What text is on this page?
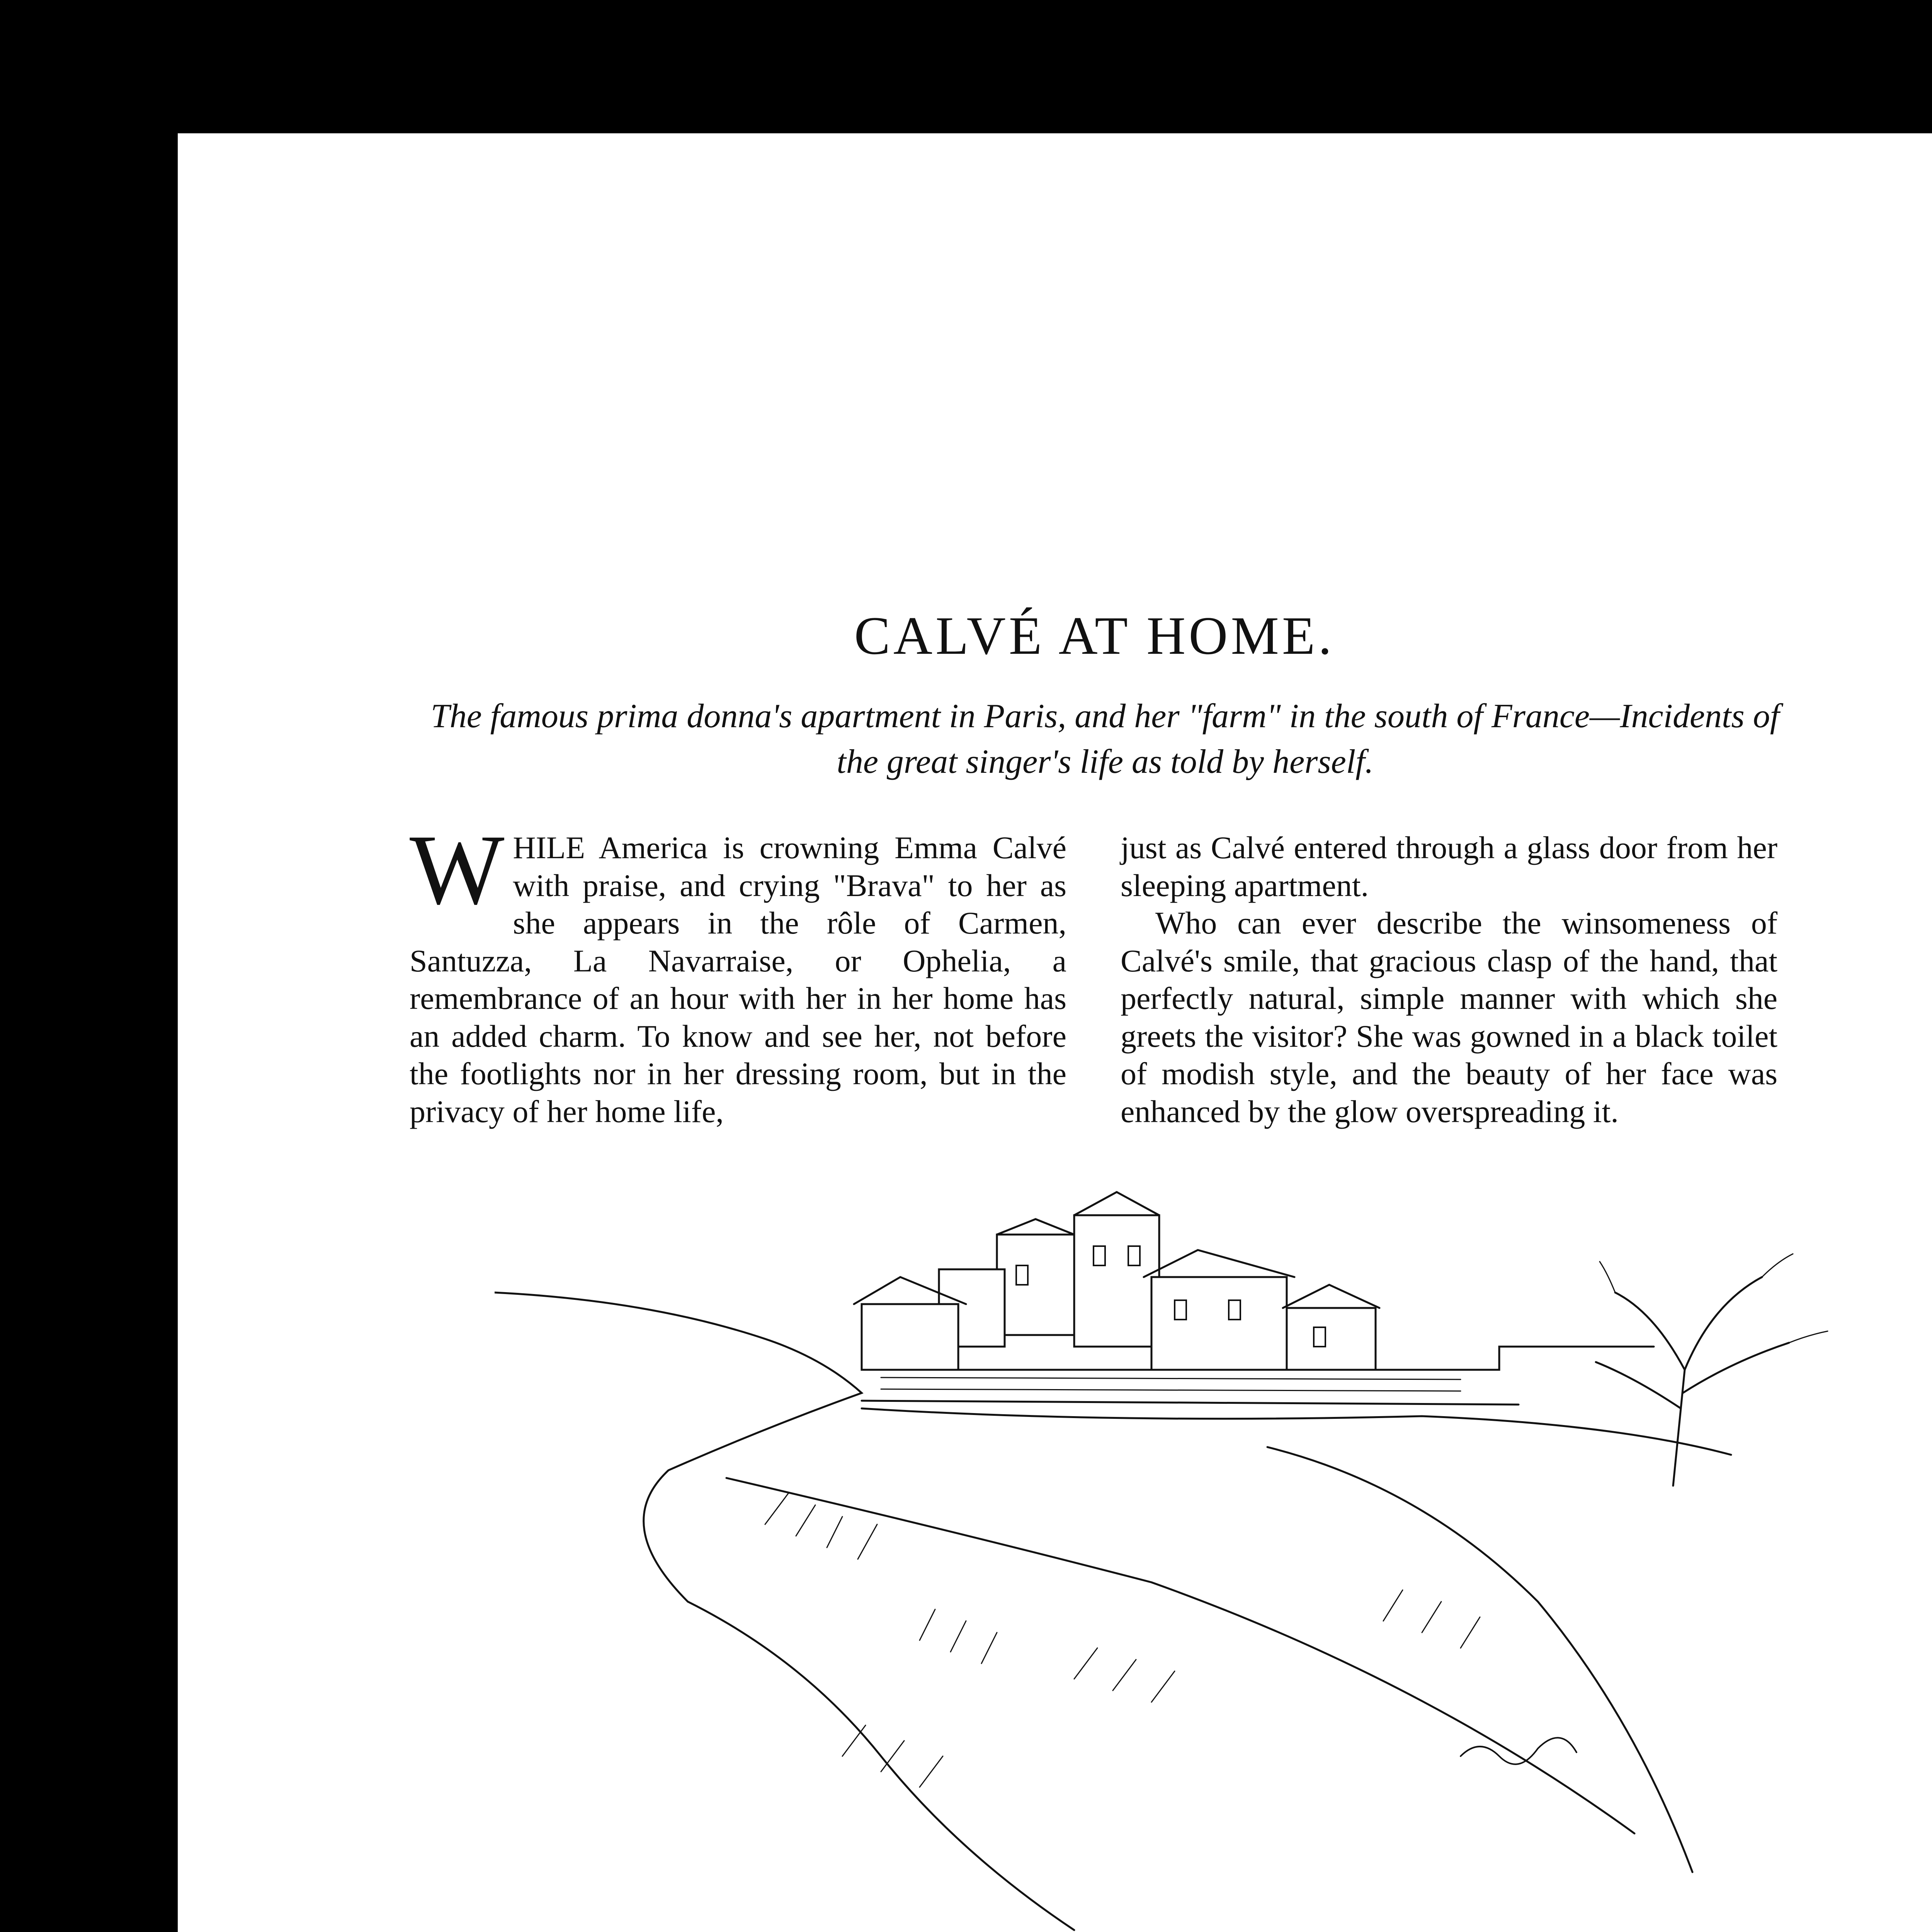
CALVÉ AT HOME.
The famous prima donna's apartment in Paris, and her "farm" in the south of France—Incidents of the great singer's life as told by herself.

WHILE America is crowning Emma Calvé with praise, and crying "Brava" to her as she appears in the rôle of Carmen, Santuzza, La Navarraise, or Ophelia, a remembrance of an hour with her in her home has an added charm. To know and see her, not before the footlights nor in her dressing room, but in the privacy of her home life,

just as Calvé entered through a glass door from her sleeping apartment.

Who can ever describe the winsomeness of Calvé's smile, that gracious clasp of the hand, that perfectly natural, simple manner with which she greets the visitor? She was gowned in a black toilet of modish style, and the beauty of her face was enhanced by the glow overspreading it.
